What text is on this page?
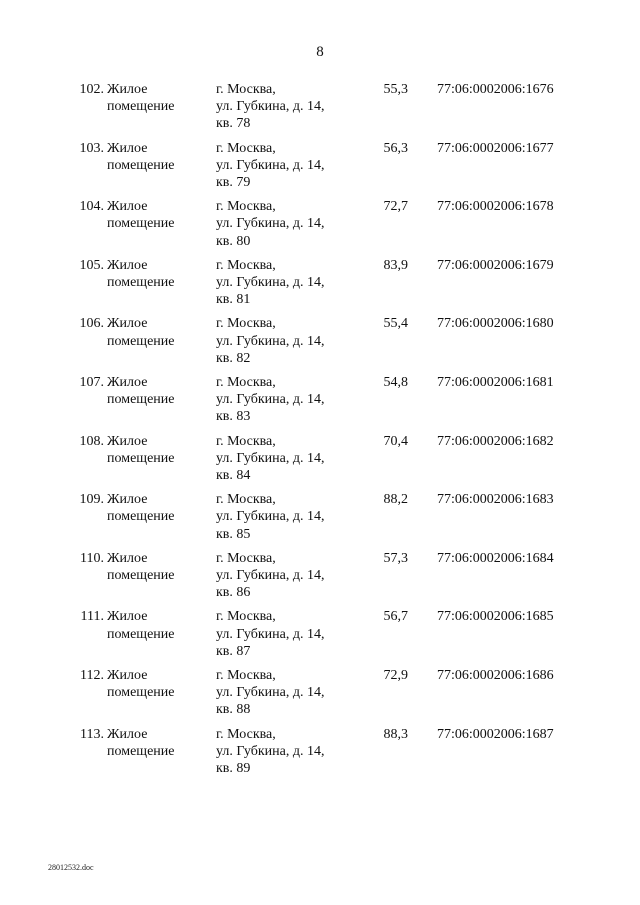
8
102. Жилое
помещение
г. Москва,
ул. Губкина, д. 14,
кв. 78
55,3 77:06:0002006:1676
103. Жилое
помещение
г. Москва,
ул. Губкина, д. 14,
кв. 79
56,3 77:06:0002006:1677
104. Жилое
помещение
г. Москва,
ул. Губкина, д. 14,
кв. 80
72,7 77:06:0002006:1678
105. Жилое
помещение
г. Москва,
ул. Губкина, д. 14,
кв. 81
83,9 77:06:0002006:1679
106. Жилое
помещение
г. Москва,
ул. Губкина, д. 14,
кв. 82
55,4 77:06:0002006:1680
107. Жилое
помещение
г. Москва,
ул. Губкина, д. 14,
кв. 83
54,8 77:06:0002006:1681
108. Жилое
помещение
г. Москва,
ул. Губкина, д. 14,
кв. 84
70,4 77:06:0002006:1682
109. Жилое
помещение
г. Москва,
ул. Губкина, д. 14,
кв. 85
88,2 77:06:0002006:1683
110. Жилое
помещение
г. Москва,
ул. Губкина, д. 14,
кв. 86
57,3 77:06:0002006:1684
111. Жилое
помещение
г. Москва,
ул. Губкина, д. 14,
кв. 87
56,7 77:06:0002006:1685
112. Жилое
помещение
г. Москва,
ул. Губкина, д. 14,
кв. 88
72,9 77:06:0002006:1686
113. Жилое
помещение
г. Москва,
ул. Губкина, д. 14,
кв. 89
88,3 77:06:0002006:1687
28012532.doc
